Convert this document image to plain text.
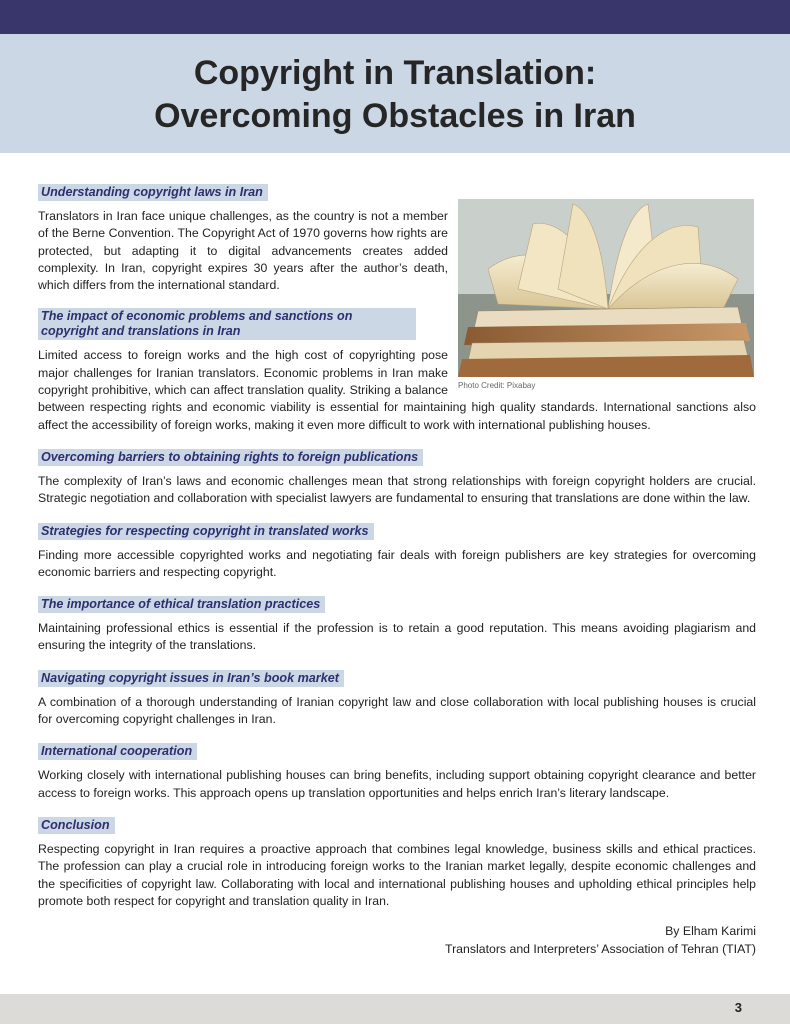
Copyright in Translation:
Overcoming Obstacles in Iran
Understanding copyright laws in Iran
Photo Credit: Pixabay

Translators in Iran face unique challenges, as the country is not a member of the Berne Convention. The Copyright Act of 1970 governs how rights are protected, but adapting it to digital advancements creates added complexity. In Iran, copyright expires 30 years after the author’s death, which differs from the international standard.

The impact of economic problems and sanctions on copyright and translations in Iran

Limited access to foreign works and the high cost of copyrighting pose major challenges for Iranian translators. Economic problems in Iran make copyright prohibitive, which can affect translation quality. Striking a balance between respecting rights and economic viability is essential for maintaining high quality standards. International sanctions also affect the accessibility of foreign works, making it even more difficult to work with international publishing houses.

Overcoming barriers to obtaining rights to foreign publications

The complexity of Iran’s laws and economic challenges mean that strong relationships with foreign copyright holders are crucial. Strategic negotiation and collaboration with specialist lawyers are fundamental to ensuring that translations are done within the law.

Strategies for respecting copyright in translated works

Finding more accessible copyrighted works and negotiating fair deals with foreign publishers are key strategies for overcoming economic barriers and respecting copyright.

The importance of ethical translation practices

Maintaining professional ethics is essential if the profession is to retain a good reputation. This means avoiding plagiarism and ensuring the integrity of the translations.

Navigating copyright issues in Iran’s book market

A combination of a thorough understanding of Iranian copyright law and close collaboration with local publishing houses is crucial for overcoming copyright challenges in Iran.

International cooperation

Working closely with international publishing houses can bring benefits, including support obtaining copyright clearance and better access to foreign works. This approach opens up translation opportunities and helps enrich Iran’s literary landscape.

Conclusion

Respecting copyright in Iran requires a proactive approach that combines legal knowledge, business skills and ethical practices. The profession can play a crucial role in introducing foreign works to the Iranian market legally, despite economic challenges and the specificities of copyright law. Collaborating with local and international publishing houses and upholding ethical principles help promote both respect for copyright and translation quality in Iran.

By Elham Karimi
Translators and Interpreters’ Association of Tehran (TIAT)
3
